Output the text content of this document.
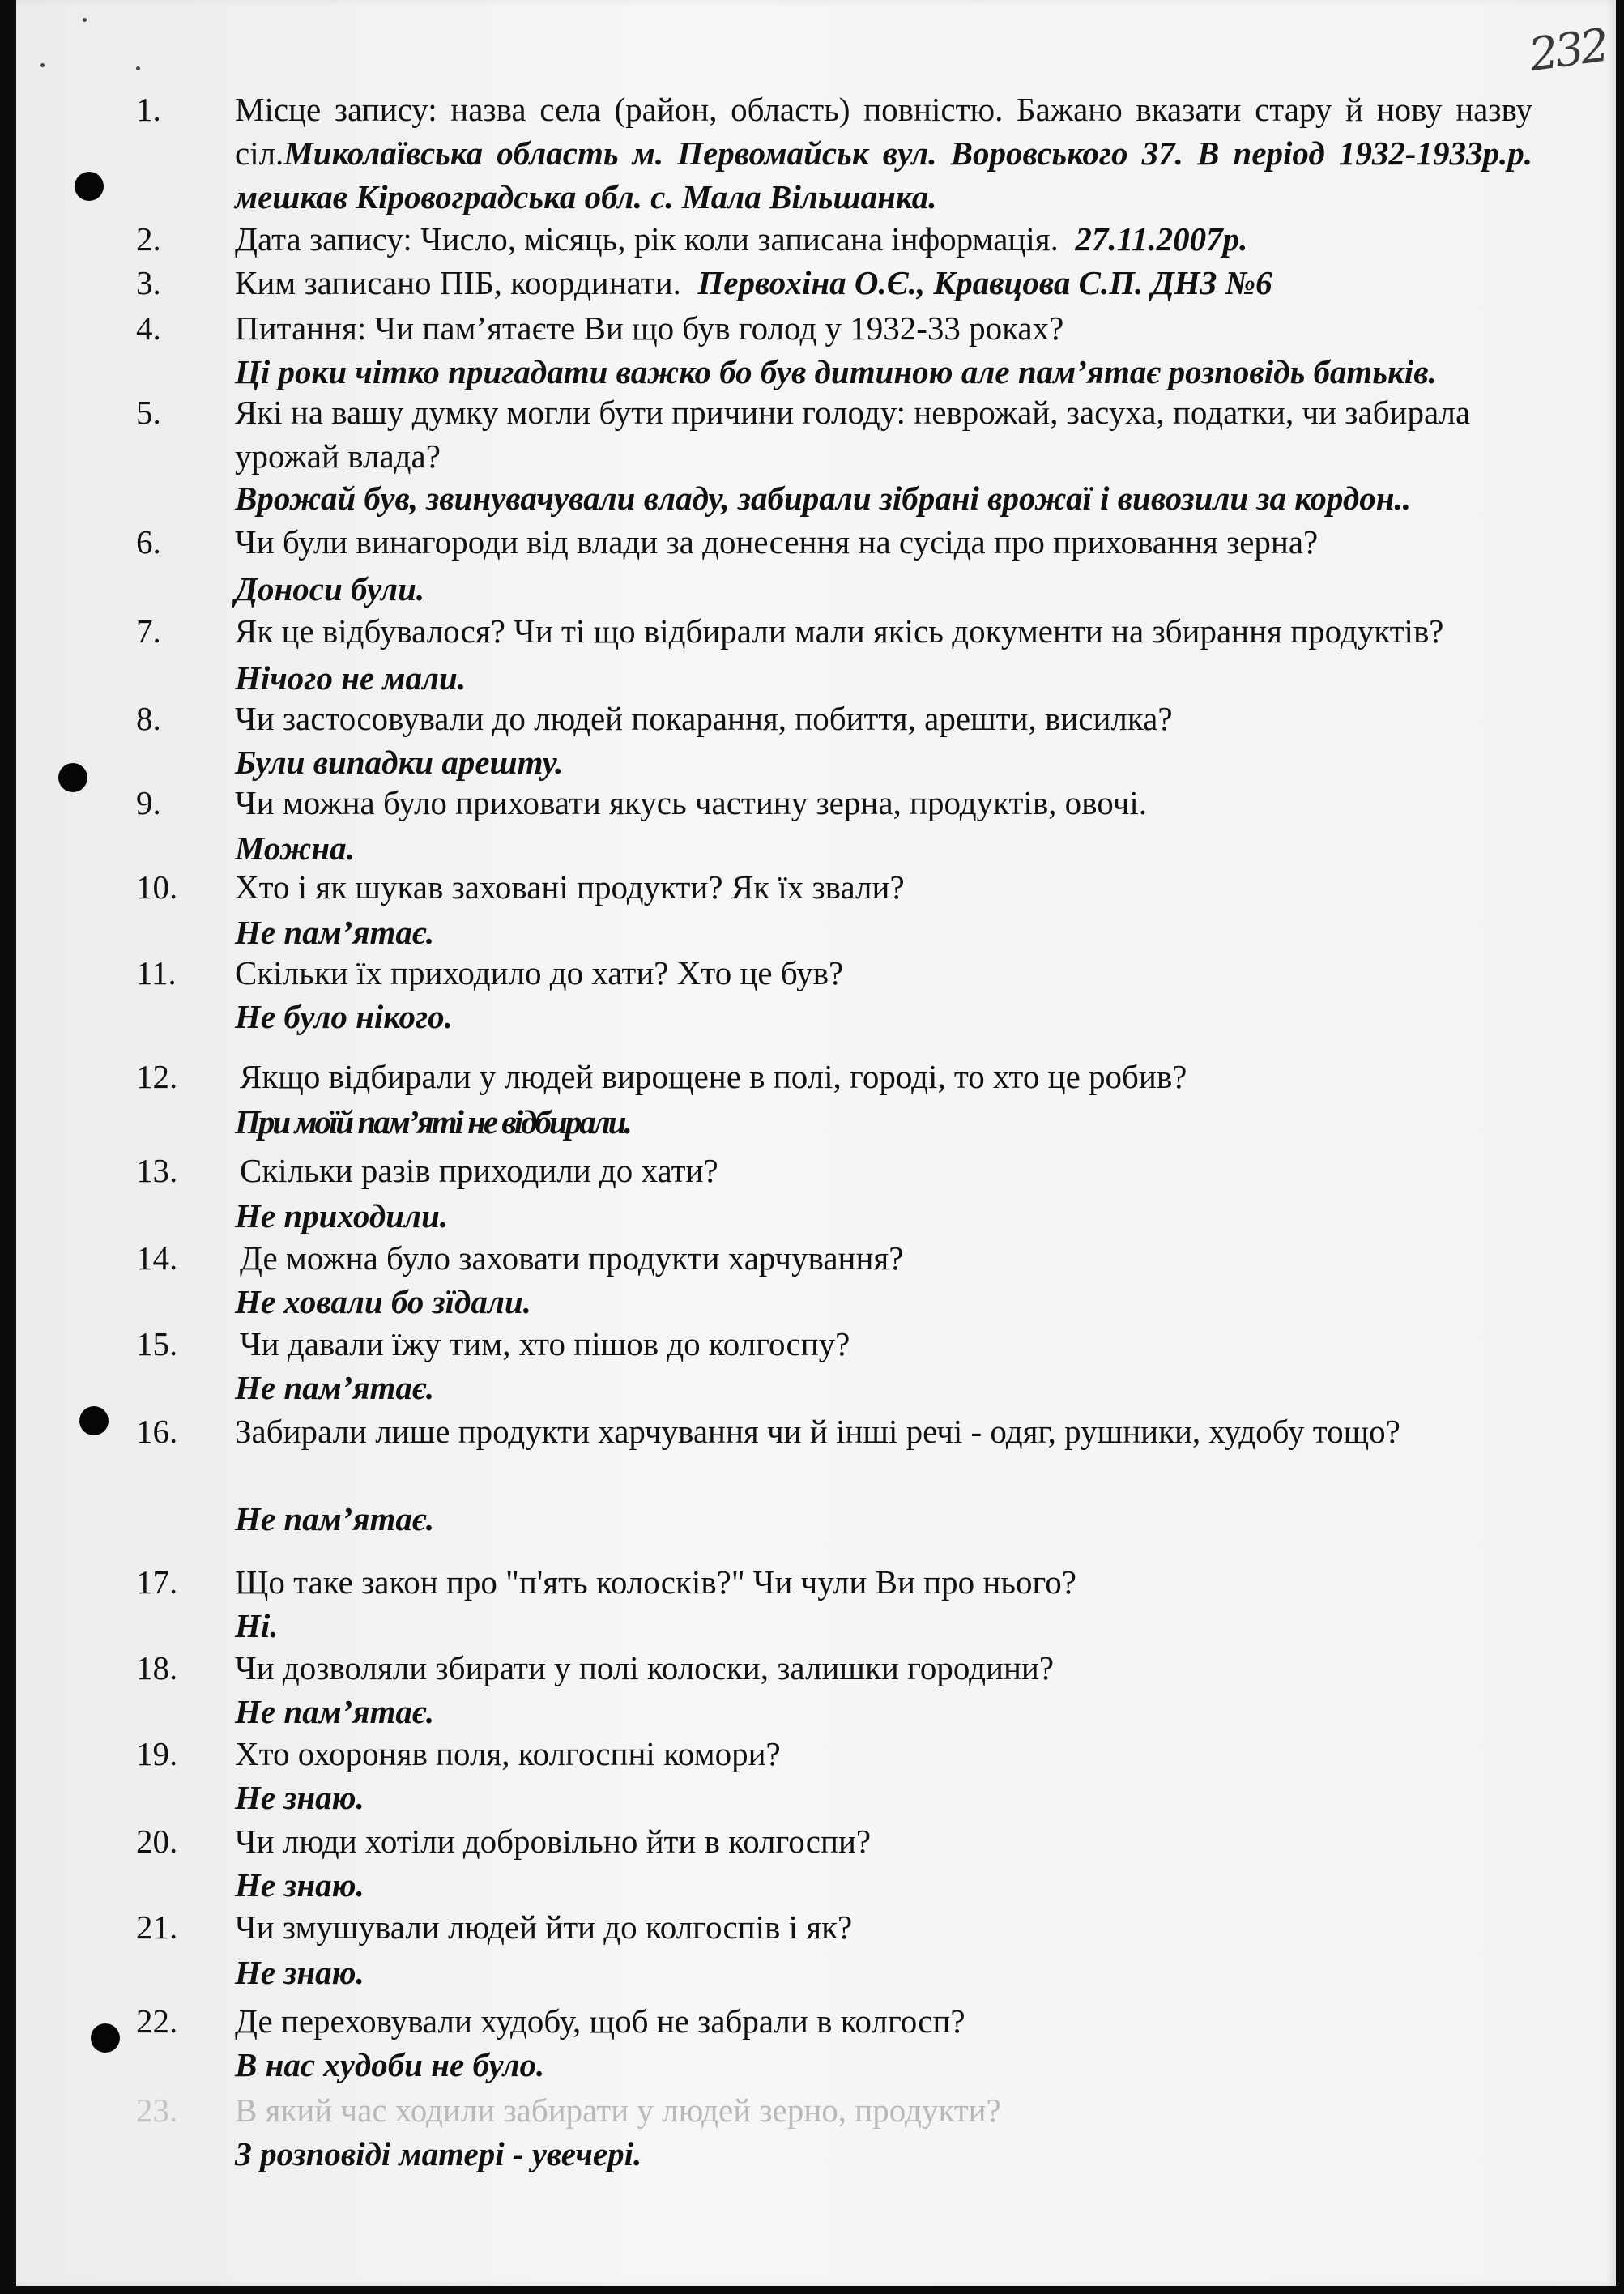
232
1.	Місце запису: назва села (район, область) повністю. Бажано вказати стару й нову назву сіл.Миколаївська область м. Первомайськ вул. Воровського 37. В період 1932-1933р.р. мешкав Кіровоградська обл. с. Мала Вільшанка.
2.	Дата запису: Число, місяць, рік коли записана інформація. 27.11.2007р.
3.	Ким записано ПІБ, координати. Первохіна О.Є., Кравцова С.П. ДНЗ №6
4.	Питання: Чи пам’ятаєте Ви що був голод у 1932-33 роках?
Ці роки чітко пригадати важко бо був дитиною але пам’ятає розповідь батьків.
5.	Які на вашу думку могли бути причини голоду: неврожай, засуха, податки, чи забирала урожай влада?
Врожай був, звинувачували владу, забирали зібрані врожаї і вивозили за кордон..
6.	Чи були винагороди від влади за донесення на сусіда про приховання зерна?
Доноси були.
7.	Як це відбувалося? Чи ті що відбирали мали якісь документи на збирання продуктів?
Нічого не мали.
8.	Чи застосовували до людей покарання, побиття, арешти, висилка?
Були випадки арешту.
9.	Чи можна було приховати якусь частину зерна, продуктів, овочі.
Можна.
10.	Хто і як шукав заховані продукти? Як їх звали?
Не пам’ятає.
11.	Скільки їх приходило до хати? Хто це був?
Не було нікого.
12.	Якщо відбирали у людей вирощене в полі, городі, то хто це робив?
При моїй пам’яті не відбирали.
13.	Скільки разів приходили до хати?
Не приходили.
14.	Де можна було заховати продукти харчування?
Не ховали бо зїдали.
15.	Чи давали їжу тим, хто пішов до колгоспу?
Не пам’ятає.
16.	Забирали лише продукти харчування чи й інші речі - одяг, рушники, худобу тощо?
Не пам’ятає.
17.	Що таке закон про "п'ять колосків?" Чи чули Ви про нього?
Ні.
18.	Чи дозволяли збирати у полі колоски, залишки городини?
Не пам’ятає.
19.	Хто охороняв поля, колгоспні комори?
Не знаю.
20.	Чи люди хотіли добровільно йти в колгоспи?
Не знаю.
21.	Чи змушували людей йти до колгоспів і як?
Не знаю.
22.	Де переховували худобу, щоб не забрали в колгосп?
В нас худоби не було.
23.	В який час ходили забирати у людей зерно, продукти?
З розповіді матері - увечері.
